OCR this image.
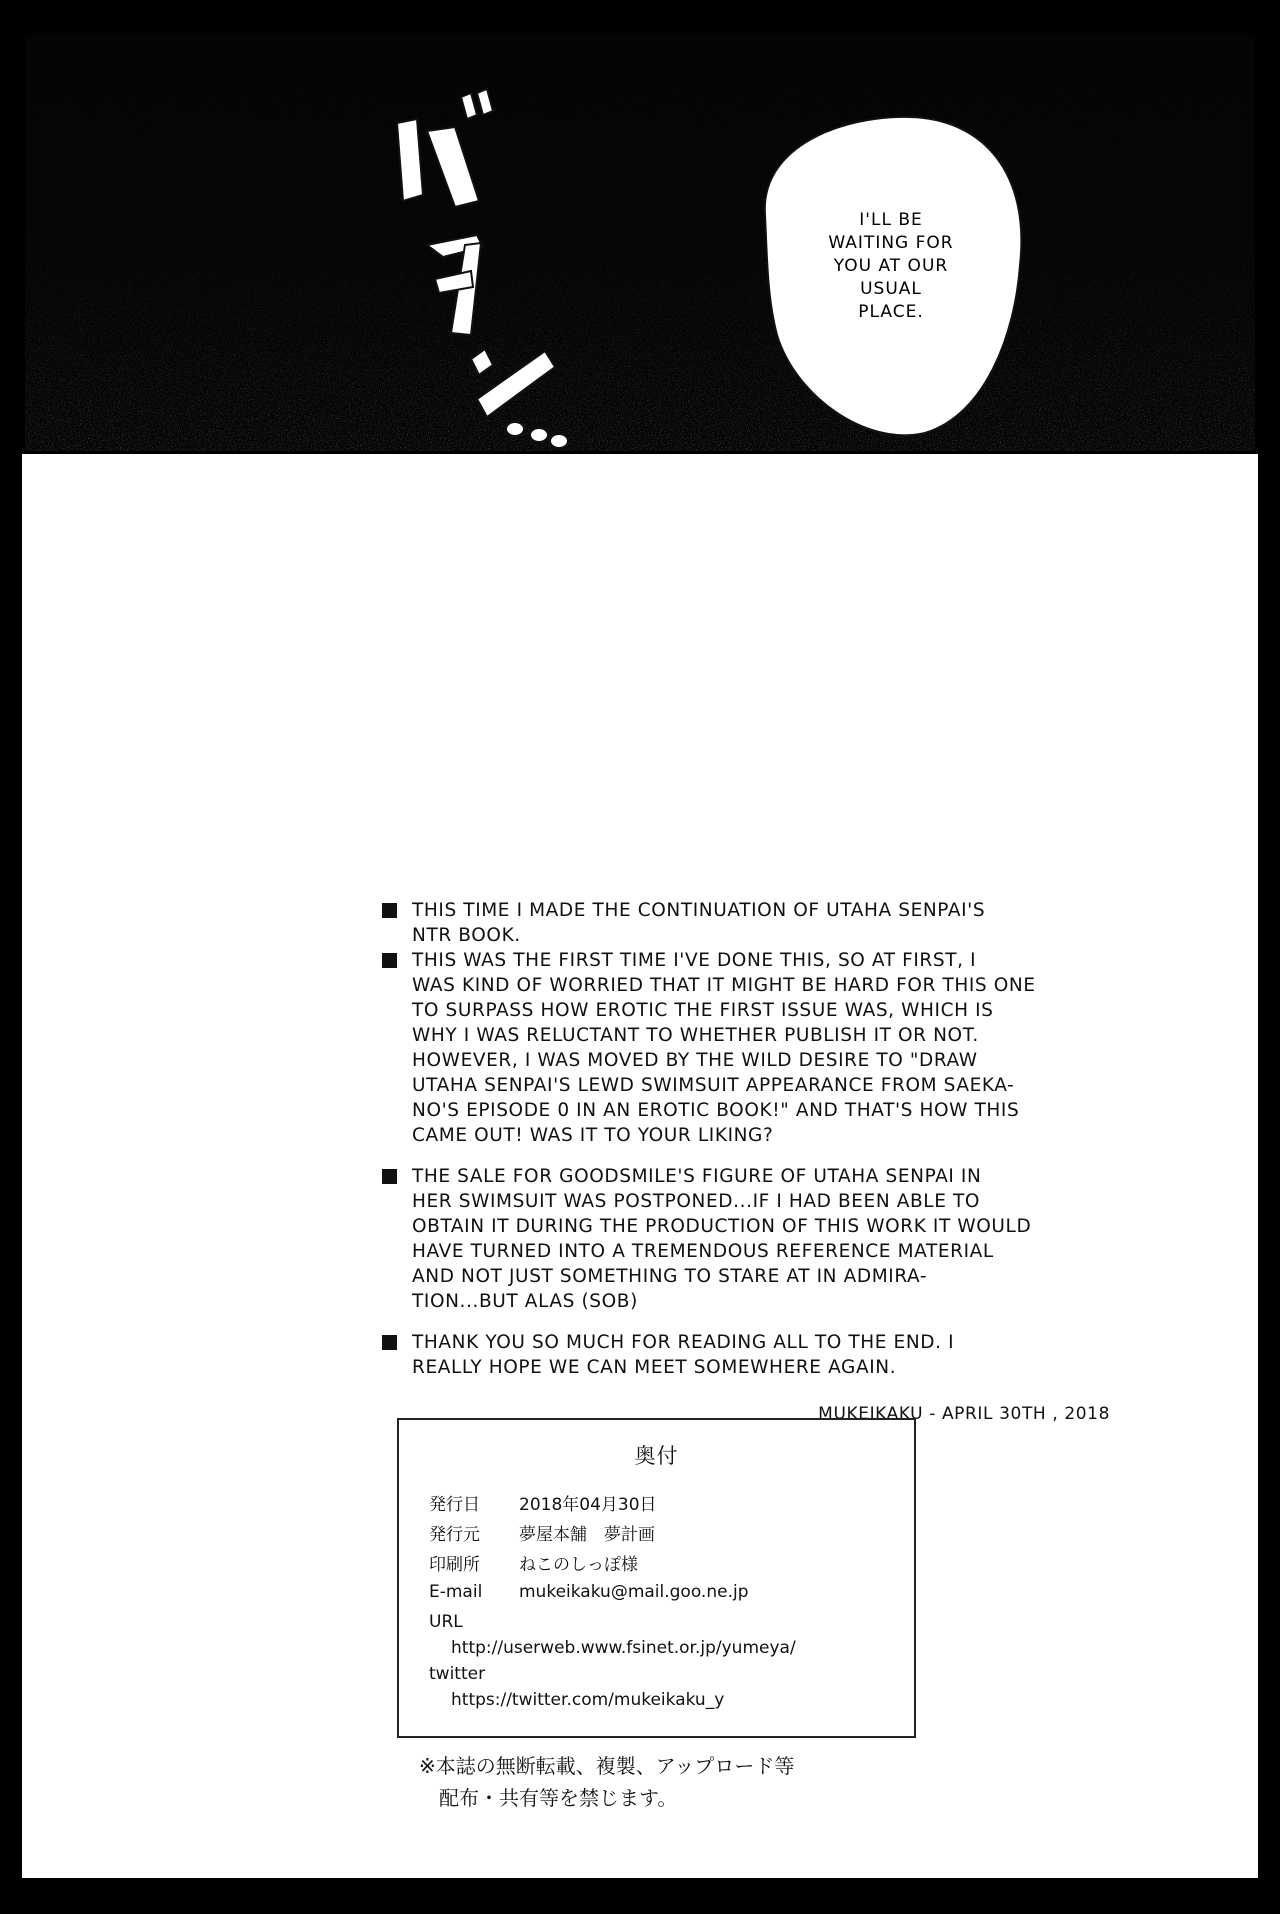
I'LL BE
WAITING FOR
YOU AT OUR
USUAL
PLACE.
THIS TIME I MADE THE CONTINUATION OF UTAHA SENPAI'S
NTR BOOK.
THIS WAS THE FIRST TIME I'VE DONE THIS, SO AT FIRST, I
WAS KIND OF WORRIED THAT IT MIGHT BE HARD FOR THIS ONE
TO SURPASS HOW EROTIC THE FIRST ISSUE WAS, WHICH IS
WHY I WAS RELUCTANT TO WHETHER PUBLISH IT OR NOT.
HOWEVER, I WAS MOVED BY THE WILD DESIRE TO "DRAW
UTAHA SENPAI'S LEWD SWIMSUIT APPEARANCE FROM SAEKA-
NO'S EPISODE 0 IN AN EROTIC BOOK!" AND THAT'S HOW THIS
CAME OUT! WAS IT TO YOUR LIKING?
THE SALE FOR GOODSMILE'S FIGURE OF UTAHA SENPAI IN
HER SWIMSUIT WAS POSTPONED...IF I HAD BEEN ABLE TO
OBTAIN IT DURING THE PRODUCTION OF THIS WORK IT WOULD
HAVE TURNED INTO A TREMENDOUS REFERENCE MATERIAL
AND NOT JUST SOMETHING TO STARE AT IN ADMIRA-
TION...BUT ALAS (SOB)
THANK YOU SO MUCH FOR READING ALL TO THE END. I
REALLY HOPE WE CAN MEET SOMEWHERE AGAIN.
MUKEIKAKU - APRIL 30TH , 2018
奥付
発行日 2018年04月30日
発行元 夢屋本舗　夢計画
印刷所 ねこのしっぽ様
E-mail mukeikaku@mail.goo.ne.jp
URL
http://userweb.www.fsinet.or.jp/yumeya/
twitter
https://twitter.com/mukeikaku_y
※本誌の無断転載、複製、アップロード等
配布・共有等を禁じます。
